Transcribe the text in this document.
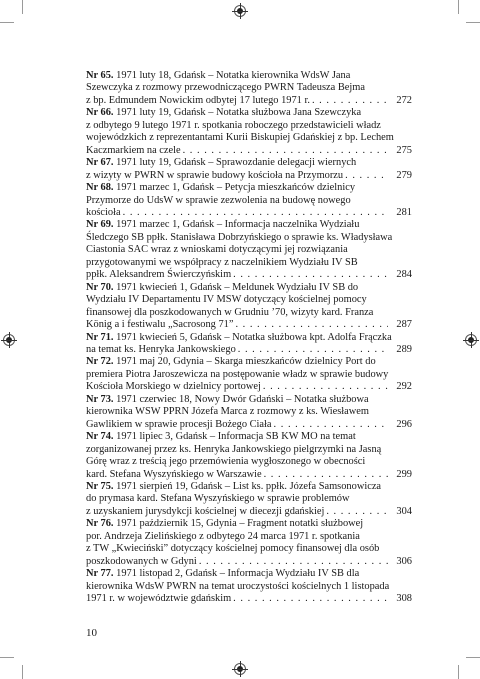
Nr 65. 1971 luty 18, Gdańsk – Notatka kierownika WdsW Jana
Szewczyka z rozmowy przewodniczącego PWRN Tadeusza Bejma
z bp. Edmundem Nowickim odbytej 17 lutego 1971 r. . . .	272
Nr 66. 1971 luty 19, Gdańsk – Notatka służbowa Jana Szewczyka
z odbytego 9 lutego 1971 r. spotkania roboczego przedstawicieli władz
wojewódzkich z reprezentantami Kurii Biskupiej Gdańskiej z bp. Lechem
Kaczmarkiem na czele . . .	275
Nr 67. 1971 luty 19, Gdańsk – Sprawozdanie delegacji wiernych
z wizyty w PWRN w sprawie budowy kościoła na Przymorzu . . .	279
Nr 68. 1971 marzec 1, Gdańsk – Petycja mieszkańców dzielnicy
Przymorze do UdsW w sprawie zezwolenia na budowę nowego
kościoła . . .	281
Nr 69. 1971 marzec 1, Gdańsk – Informacja naczelnika Wydziału
Śledczego SB ppłk. Stanisława Dobrzyńskiego o sprawie ks. Władysława
Ciastonia SAC wraz z wnioskami dotyczącymi jej rozwiązania
przygotowanymi we współpracy z naczelnikiem Wydziału IV SB
ppłk. Aleksandrem Świerczyńskim . . .	284
Nr 70. 1971 kwiecień 1, Gdańsk – Meldunek Wydziału IV SB do
Wydziału IV Departamentu IV MSW dotyczący kościelnej pomocy
finansowej dla poszkodowanych w Grudniu ’70, wizyty kard. Franza
König a i festiwalu „Sacrosong 71” . . .	287
Nr 71. 1971 kwiecień 5, Gdańsk – Notatka służbowa kpt. Adolfa Frączka
na temat ks. Henryka Jankowskiego . . .	289
Nr 72. 1971 maj 20, Gdynia – Skarga mieszkańców dzielnicy Port do
premiera Piotra Jaroszewicza na postępowanie władz w sprawie budowy
Kościoła Morskiego w dzielnicy portowej . . .	292
Nr 73. 1971 czerwiec 18, Nowy Dwór Gdański – Notatka służbowa
kierownika WSW PPRN Józefa Marca z rozmowy z ks. Wiesławem
Gawlikiem w sprawie procesji Bożego Ciała . . .	296
Nr 74. 1971 lipiec 3, Gdańsk – Informacja SB KW MO na temat
zorganizowanej przez ks. Henryka Jankowskiego pielgrzymki na Jasną
Górę wraz z treścią jego przemówienia wygłoszonego w obecności
kard. Stefana Wyszyńskiego w Warszawie . . .	299
Nr 75. 1971 sierpień 19, Gdańsk – List ks. ppłk. Józefa Samsonowicza
do prymasa kard. Stefana Wyszyńskiego w sprawie problemów
z uzyskaniem jurysdykcji kościelnej w diecezji gdańskiej . . .	304
Nr 76. 1971 październik 15, Gdynia – Fragment notatki służbowej
por. Andrzeja Zielińskiego z odbytego 24 marca 1971 r. spotkania
z TW „Kwieciński” dotyczący kościelnej pomocy finansowej dla osób
poszkodowanych w Gdyni . . .	306
Nr 77. 1971 listopad 2, Gdańsk – Informacja Wydziału IV SB dla
kierownika WdsW PWRN na temat uroczystości kościelnych 1 listopada
1971 r. w województwie gdańskim . . .	308
10
